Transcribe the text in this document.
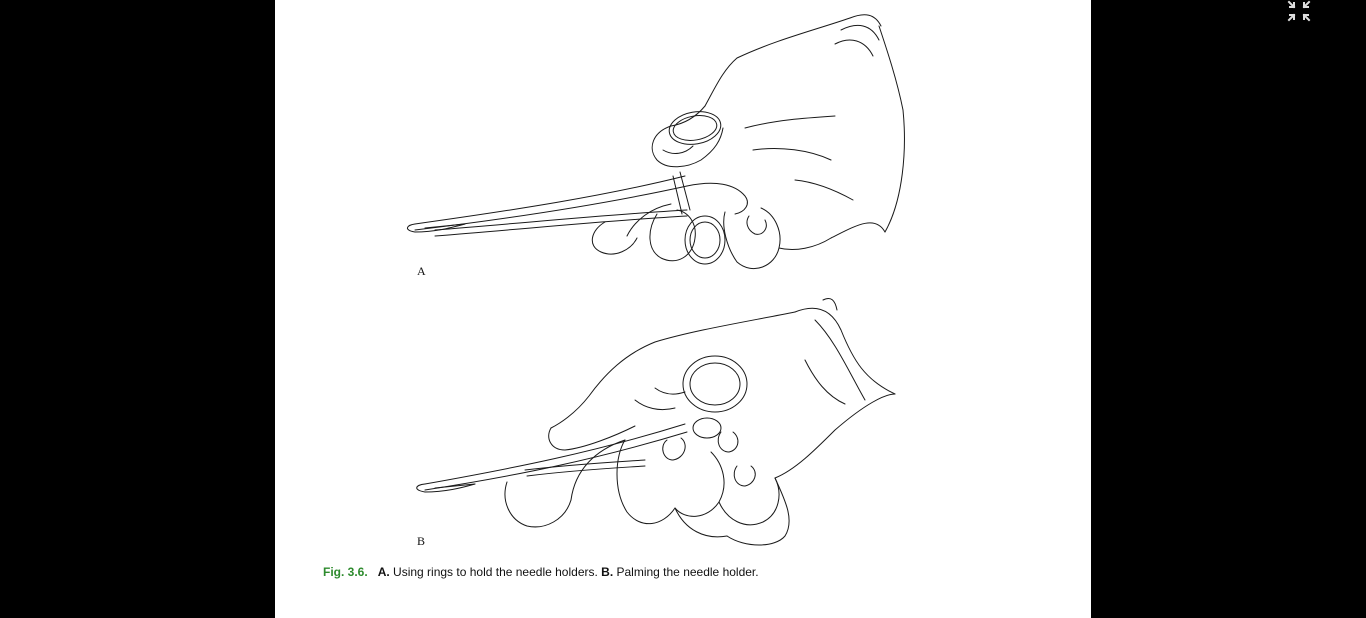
A
B
Fig. 3.6. A. Using rings to hold the needle holders. B. Palming the needle holder.
